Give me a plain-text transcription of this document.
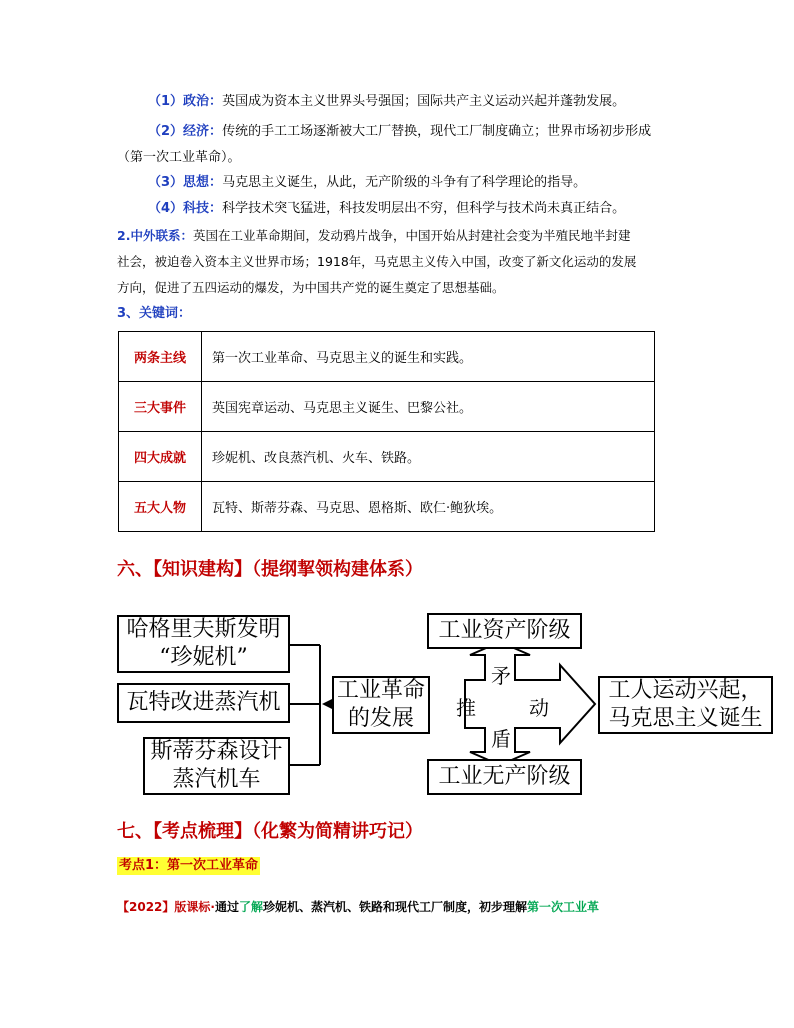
（1）政治：英国成为资本主义世界头号强国；国际共产主义运动兴起并蓬勃发展。
（2）经济：传统的手工工场逐渐被大工厂替换，现代工厂制度确立；世界市场初步形成
（第一次工业革命）。
（3）思想：马克思主义诞生，从此，无产阶级的斗争有了科学理论的指导。
（4）科技：科学技术突飞猛进，科技发明层出不穷，但科学与技术尚未真正结合。
2.中外联系：英国在工业革命期间，发动鸦片战争，中国开始从封建社会变为半殖民地半封建
社会，被迫卷入资本主义世界市场；1918年，马克思主义传入中国，改变了新文化运动的发展
方向，促进了五四运动的爆发，为中国共产党的诞生奠定了思想基础。
3、关键词：
两条主线	第一次工业革命、马克思主义的诞生和实践。
三大事件	英国宪章运动、马克思主义诞生、巴黎公社。
四大成就	珍妮机、改良蒸汽机、火车、铁路。
五大人物	瓦特、斯蒂芬森、马克思、恩格斯、欧仁·鲍狄埃。
六、【知识建构】（提纲挈领构建体系）
哈格里夫斯发明
“珍妮机”
瓦特改进蒸汽机
斯蒂芬森设计
蒸汽机车
工业革命
的发展
工业资产阶级
工业无产阶级
工人运动兴起，
马克思主义诞生
矛
盾
推	动
七、【考点梳理】（化繁为简精讲巧记）
考点1：第一次工业革命
【2022】版课标·通过了解珍妮机、蒸汽机、铁路和现代工厂制度，初步理解第一次工业革
